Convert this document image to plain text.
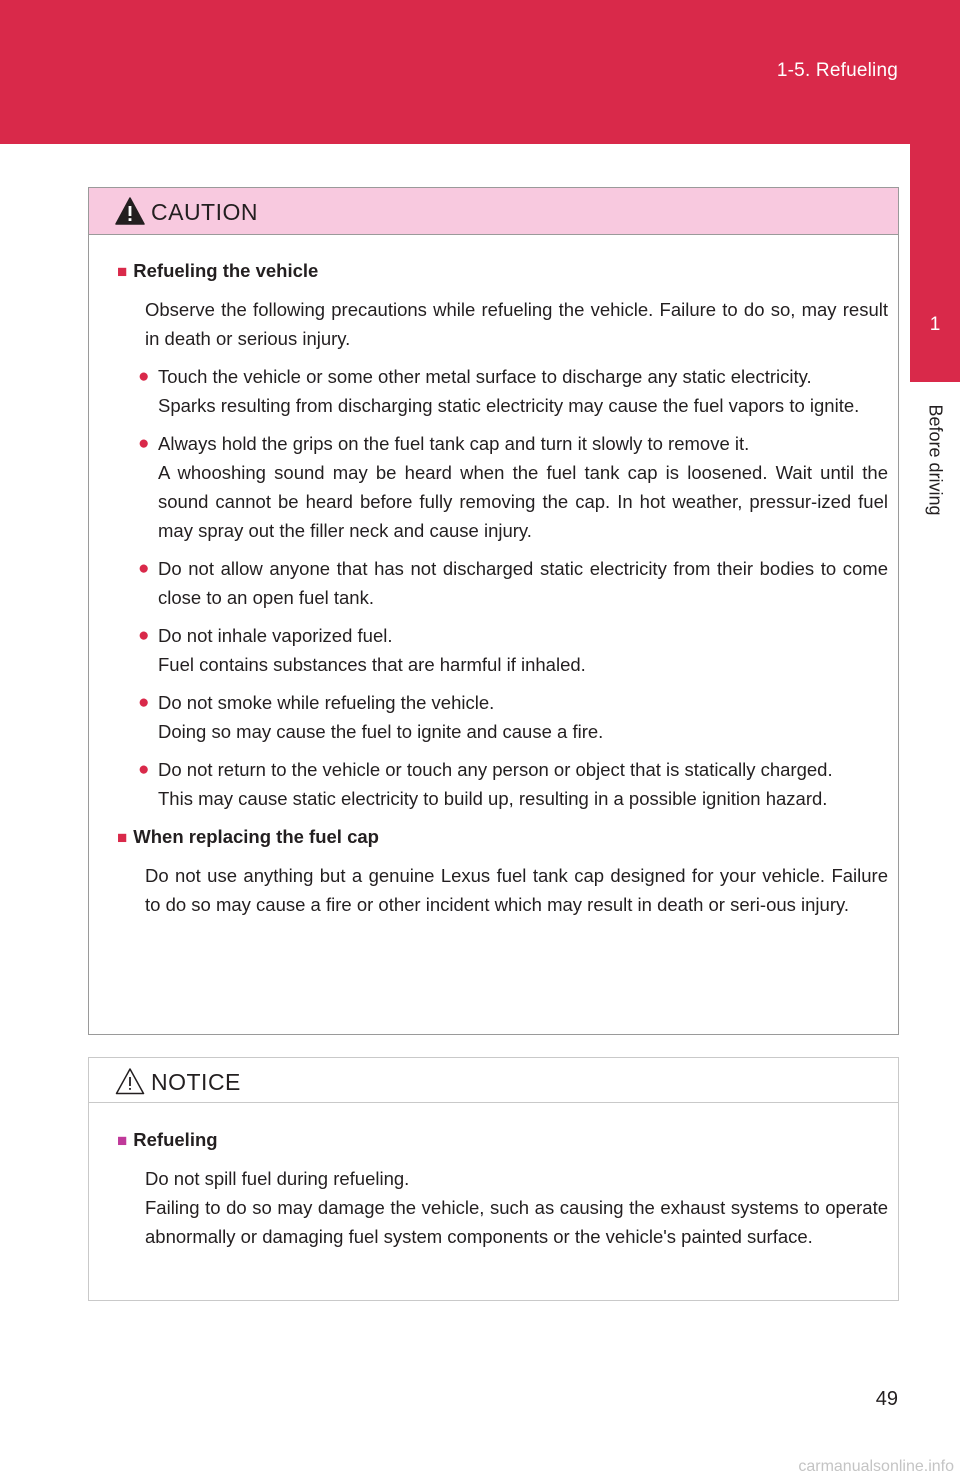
1-5. Refueling
1
Before driving
CAUTION
■ Refueling the vehicle
Observe the following precautions while refueling the vehicle. Failure to do so, may result in death or serious injury.
● Touch the vehicle or some other metal surface to discharge any static electricity.
Sparks resulting from discharging static electricity may cause the fuel vapors to ignite.
● Always hold the grips on the fuel tank cap and turn it slowly to remove it.
A whooshing sound may be heard when the fuel tank cap is loosened. Wait until the sound cannot be heard before fully removing the cap. In hot weather, pressur-ized fuel may spray out the filler neck and cause injury.
● Do not allow anyone that has not discharged static electricity from their bodies to come close to an open fuel tank.
● Do not inhale vaporized fuel.
Fuel contains substances that are harmful if inhaled.
● Do not smoke while refueling the vehicle.
Doing so may cause the fuel to ignite and cause a fire.
● Do not return to the vehicle or touch any person or object that is statically charged.
This may cause static electricity to build up, resulting in a possible ignition hazard.
■ When replacing the fuel cap
Do not use anything but a genuine Lexus fuel tank cap designed for your vehicle. Failure to do so may cause a fire or other incident which may result in death or seri-ous injury.
NOTICE
■ Refueling
Do not spill fuel during refueling.
Failing to do so may damage the vehicle, such as causing the exhaust systems to operate abnormally or damaging fuel system components or the vehicle's painted surface.
49
carmanualsonline.info
